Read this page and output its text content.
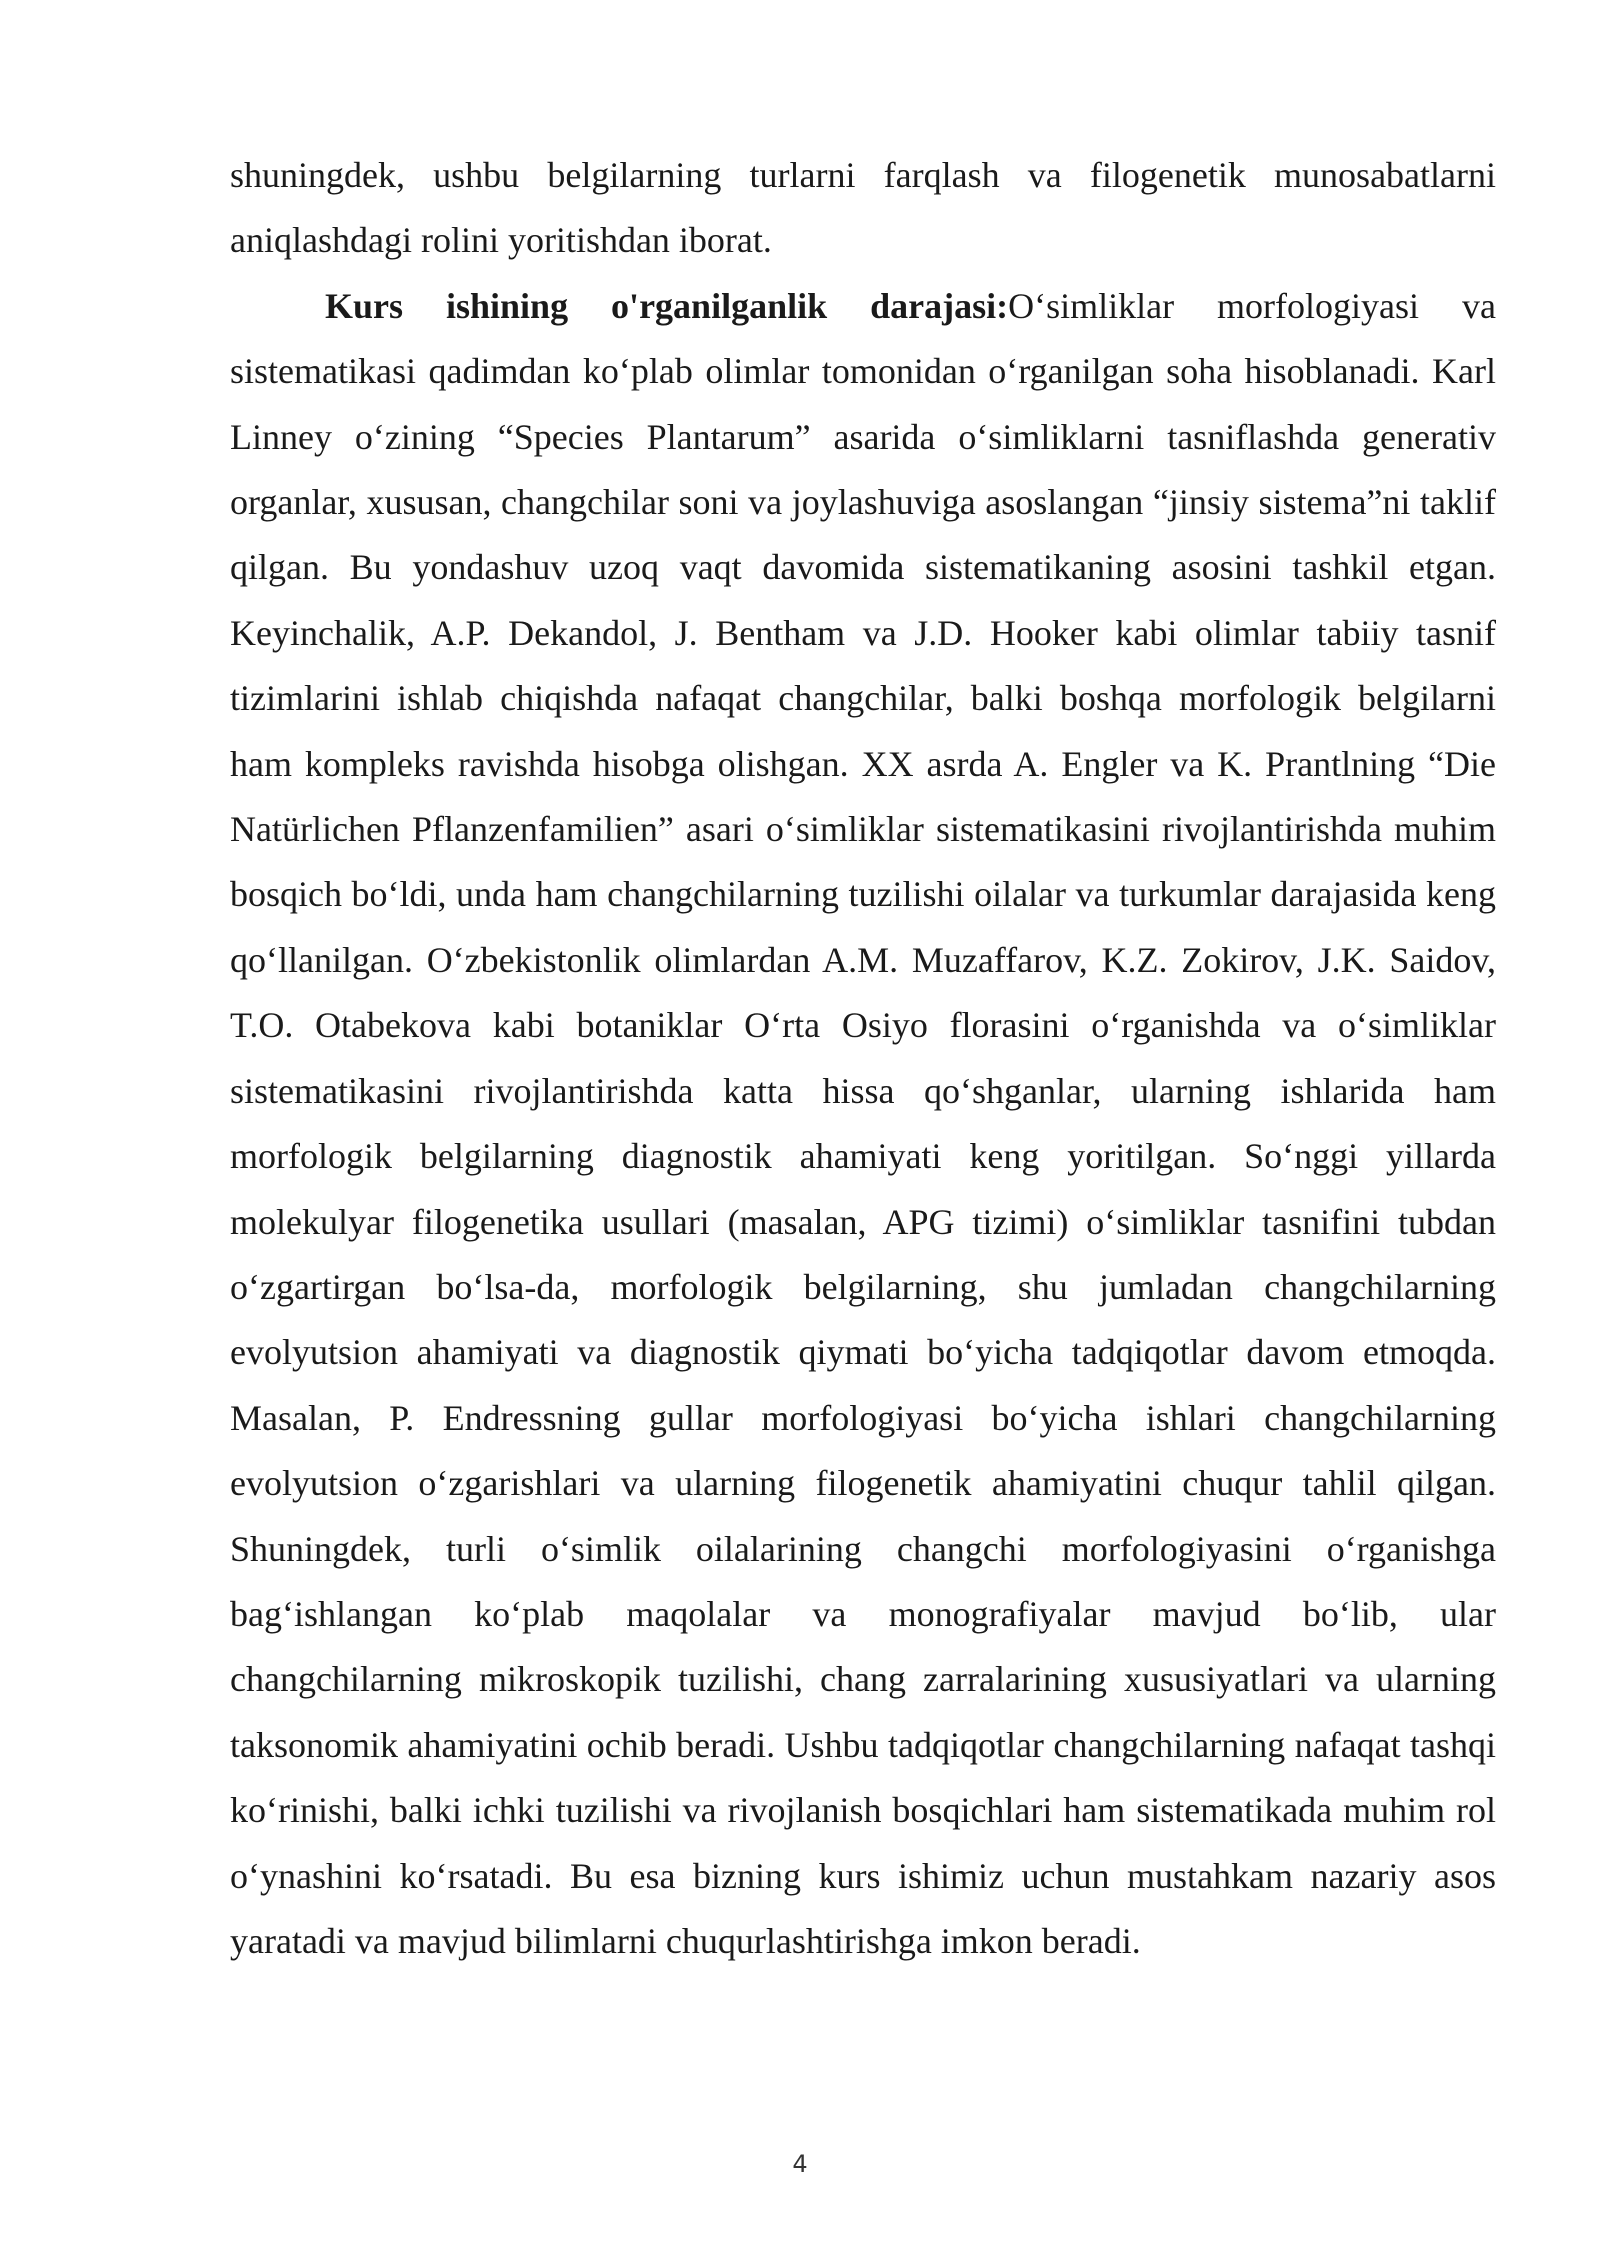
shuningdek, ushbu belgilarning turlarni farqlash va filogenetik munosabatlarni aniqlashdagi rolini yoritishdan iborat.

Kurs ishining o'rganilganlik darajasi:O‘simliklar morfologiyasi va sistematikasi qadimdan ko‘plab olimlar tomonidan o‘rganilgan soha hisoblanadi. Karl Linney o‘zining “Species Plantarum” asarida o‘simliklarni tasniflashda generativ organlar, xususan, changchilar soni va joylashuviga asoslangan “jinsiy sistema”ni taklif qilgan. Bu yondashuv uzoq vaqt davomida sistematikaning asosini tashkil etgan. Keyinchalik, A.P. Dekandol, J. Bentham va J.D. Hooker kabi olimlar tabiiy tasnif tizimlarini ishlab chiqishda nafaqat changchilar, balki boshqa morfologik belgilarni ham kompleks ravishda hisobga olishgan. XX asrda A. Engler va K. Prantlning “Die Natürlichen Pflanzenfamilien” asari o‘simliklar sistematikasini rivojlantirishda muhim bosqich bo‘ldi, unda ham changchilarning tuzilishi oilalar va turkumlar darajasida keng qo‘llanilgan. O‘zbekistonlik olimlardan A.M. Muzaffarov, K.Z. Zokirov, J.K. Saidov, T.O. Otabekova kabi botaniklar O‘rta Osiyo florasini o‘rganishda va o‘simliklar sistematikasini rivojlantirishda katta hissa qo‘shganlar, ularning ishlarida ham morfologik belgilarning diagnostik ahamiyati keng yoritilgan. So‘nggi yillarda molekulyar filogenetika usullari (masalan, APG tizimi) o‘simliklar tasnifini tubdan o‘zgartirgan bo‘lsa-da, morfologik belgilarning, shu jumladan changchilarning evolyutsion ahamiyati va diagnostik qiymati bo‘yicha tadqiqotlar davom etmoqda. Masalan, P. Endressning gullar morfologiyasi bo‘yicha ishlari changchilarning evolyutsion o‘zgarishlari va ularning filogenetik ahamiyatini chuqur tahlil qilgan. Shuningdek, turli o‘simlik oilalarining changchi morfologiyasini o‘rganishga bag‘ishlangan ko‘plab maqolalar va monografiyalar mavjud bo‘lib, ular changchilarning mikroskopik tuzilishi, chang zarralarining xususiyatlari va ularning taksonomik ahamiyatini ochib beradi. Ushbu tadqiqotlar changchilarning nafaqat tashqi ko‘rinishi, balki ichki tuzilishi va rivojlanish bosqichlari ham sistematikada muhim rol o‘ynashini ko‘rsatadi. Bu esa bizning kurs ishimiz uchun mustahkam nazariy asos yaratadi va mavjud bilimlarni chuqurlashtirishga imkon beradi.

4
